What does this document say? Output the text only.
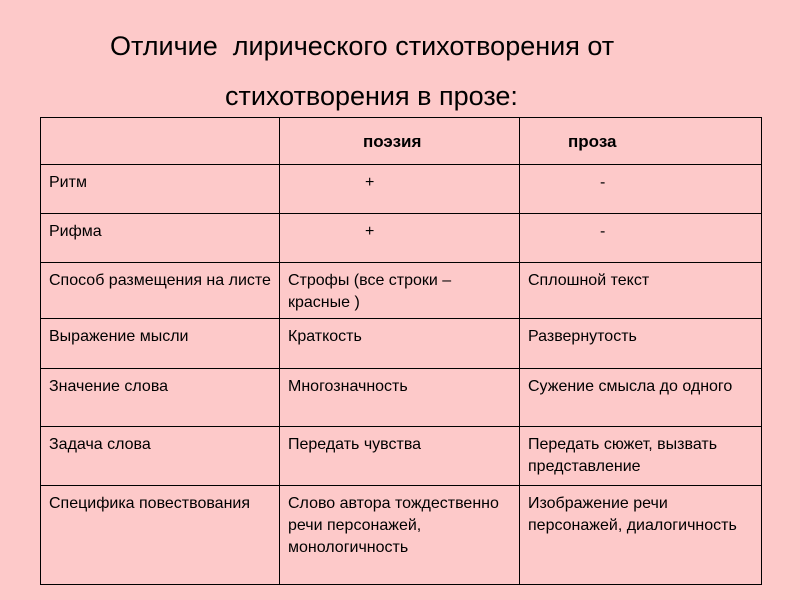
Отличие  лирического стихотворения от
стихотворения в прозе:
	поэзия	проза
Ритм	+	-
Рифма	+	-
Способ размещения на листе	Строфы (все строки – красные )	Сплошной текст
Выражение мысли	Краткость	Развернутость
Значение слова	Многозначность	Сужение смысла до одного
Задача слова	Передать чувства	Передать сюжет, вызвать представление
Специфика повествования	Слово автора тождественно речи персонажей, монологичность	Изображение речи персонажей, диалогичность
